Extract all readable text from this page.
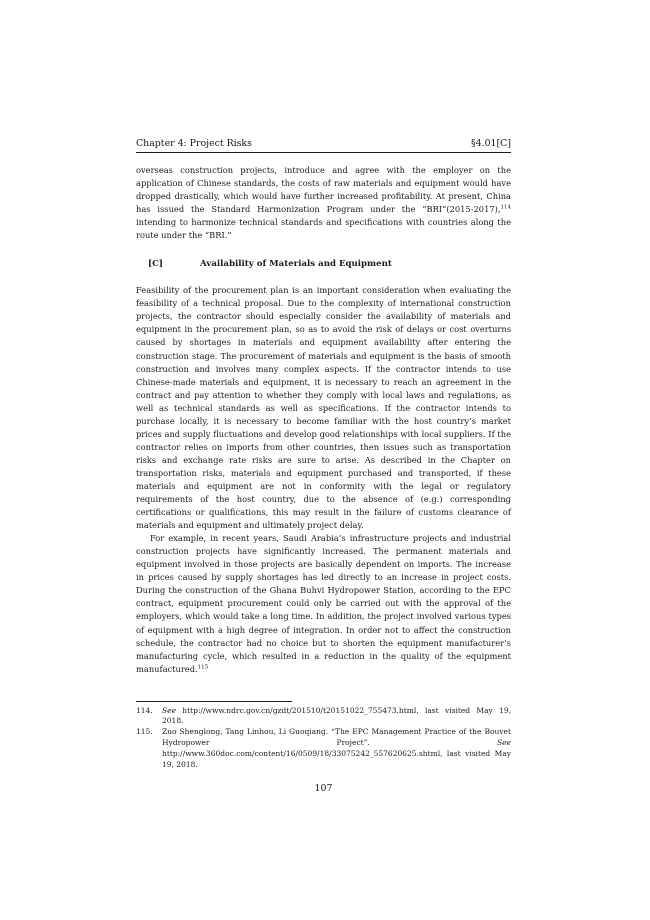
Chapter 4: Project Risks	§4.01[C]

overseas construction projects, introduce and agree with the employer on the application of Chinese standards, the costs of raw materials and equipment would have dropped drastically, which would have further increased profitability. At present, China has issued the Standard Harmonization Program under the “BRI”(2015-2017),$^{114}$ intending to harmonize technical standards and specifications with countries along the route under the “BRI.”

[C]	Availability of Materials and Equipment

Feasibility of the procurement plan is an important consideration when evaluating the feasibility of a technical proposal. Due to the complexity of international construction projects, the contractor should especially consider the availability of materials and equipment in the procurement plan, so as to avoid the risk of delays or cost overturns caused by shortages in materials and equipment availability after entering the construction stage. The procurement of materials and equipment is the basis of smooth construction and involves many complex aspects. If the contractor intends to use Chinese-made materials and equipment, it is necessary to reach an agreement in the contract and pay attention to whether they comply with local laws and regulations, as well as technical standards as well as specifications. If the contractor intends to purchase locally, it is necessary to become familiar with the host country’s market prices and supply fluctuations and develop good relationships with local suppliers. If the contractor relies on imports from other countries, then issues such as transportation risks and exchange rate risks are sure to arise. As described in the Chapter on transportation risks, materials and equipment purchased and transported, if these materials and equipment are not in conformity with the legal or regulatory requirements of the host country, due to the absence of (e.g.) corresponding certifications or qualifications, this may result in the failure of customs clearance of materials and equipment and ultimately project delay.

For example, in recent years, Saudi Arabia’s infrastructure projects and industrial construction projects have significantly increased. The permanent materials and equipment involved in those projects are basically dependent on imports. The increase in prices caused by supply shortages has led directly to an increase in project costs. During the construction of the Ghana Buhvi Hydropower Station, according to the EPC contract, equipment procurement could only be carried out with the approval of the employers, which would take a long time. In addition, the project involved various types of equipment with a high degree of integration. In order not to affect the construction schedule, the contractor had no choice but to shorten the equipment manufacturer’s manufacturing cycle, which resulted in a reduction in the quality of the equipment manufactured.$^{115}$

114.	See http://www.ndrc.gov.cn/gzdt/201510/t20151022_755473.html, last visited May 19, 2018.
115.	Zuo Shenglong, Tang Linhou, Li Guoqiang. “The EPC Management Practice of the Bouvet Hydropower Project”. See http://www.360doc.com/content/16/0509/18/33075242_557620625.shtml, last visited May 19, 2018.
107
